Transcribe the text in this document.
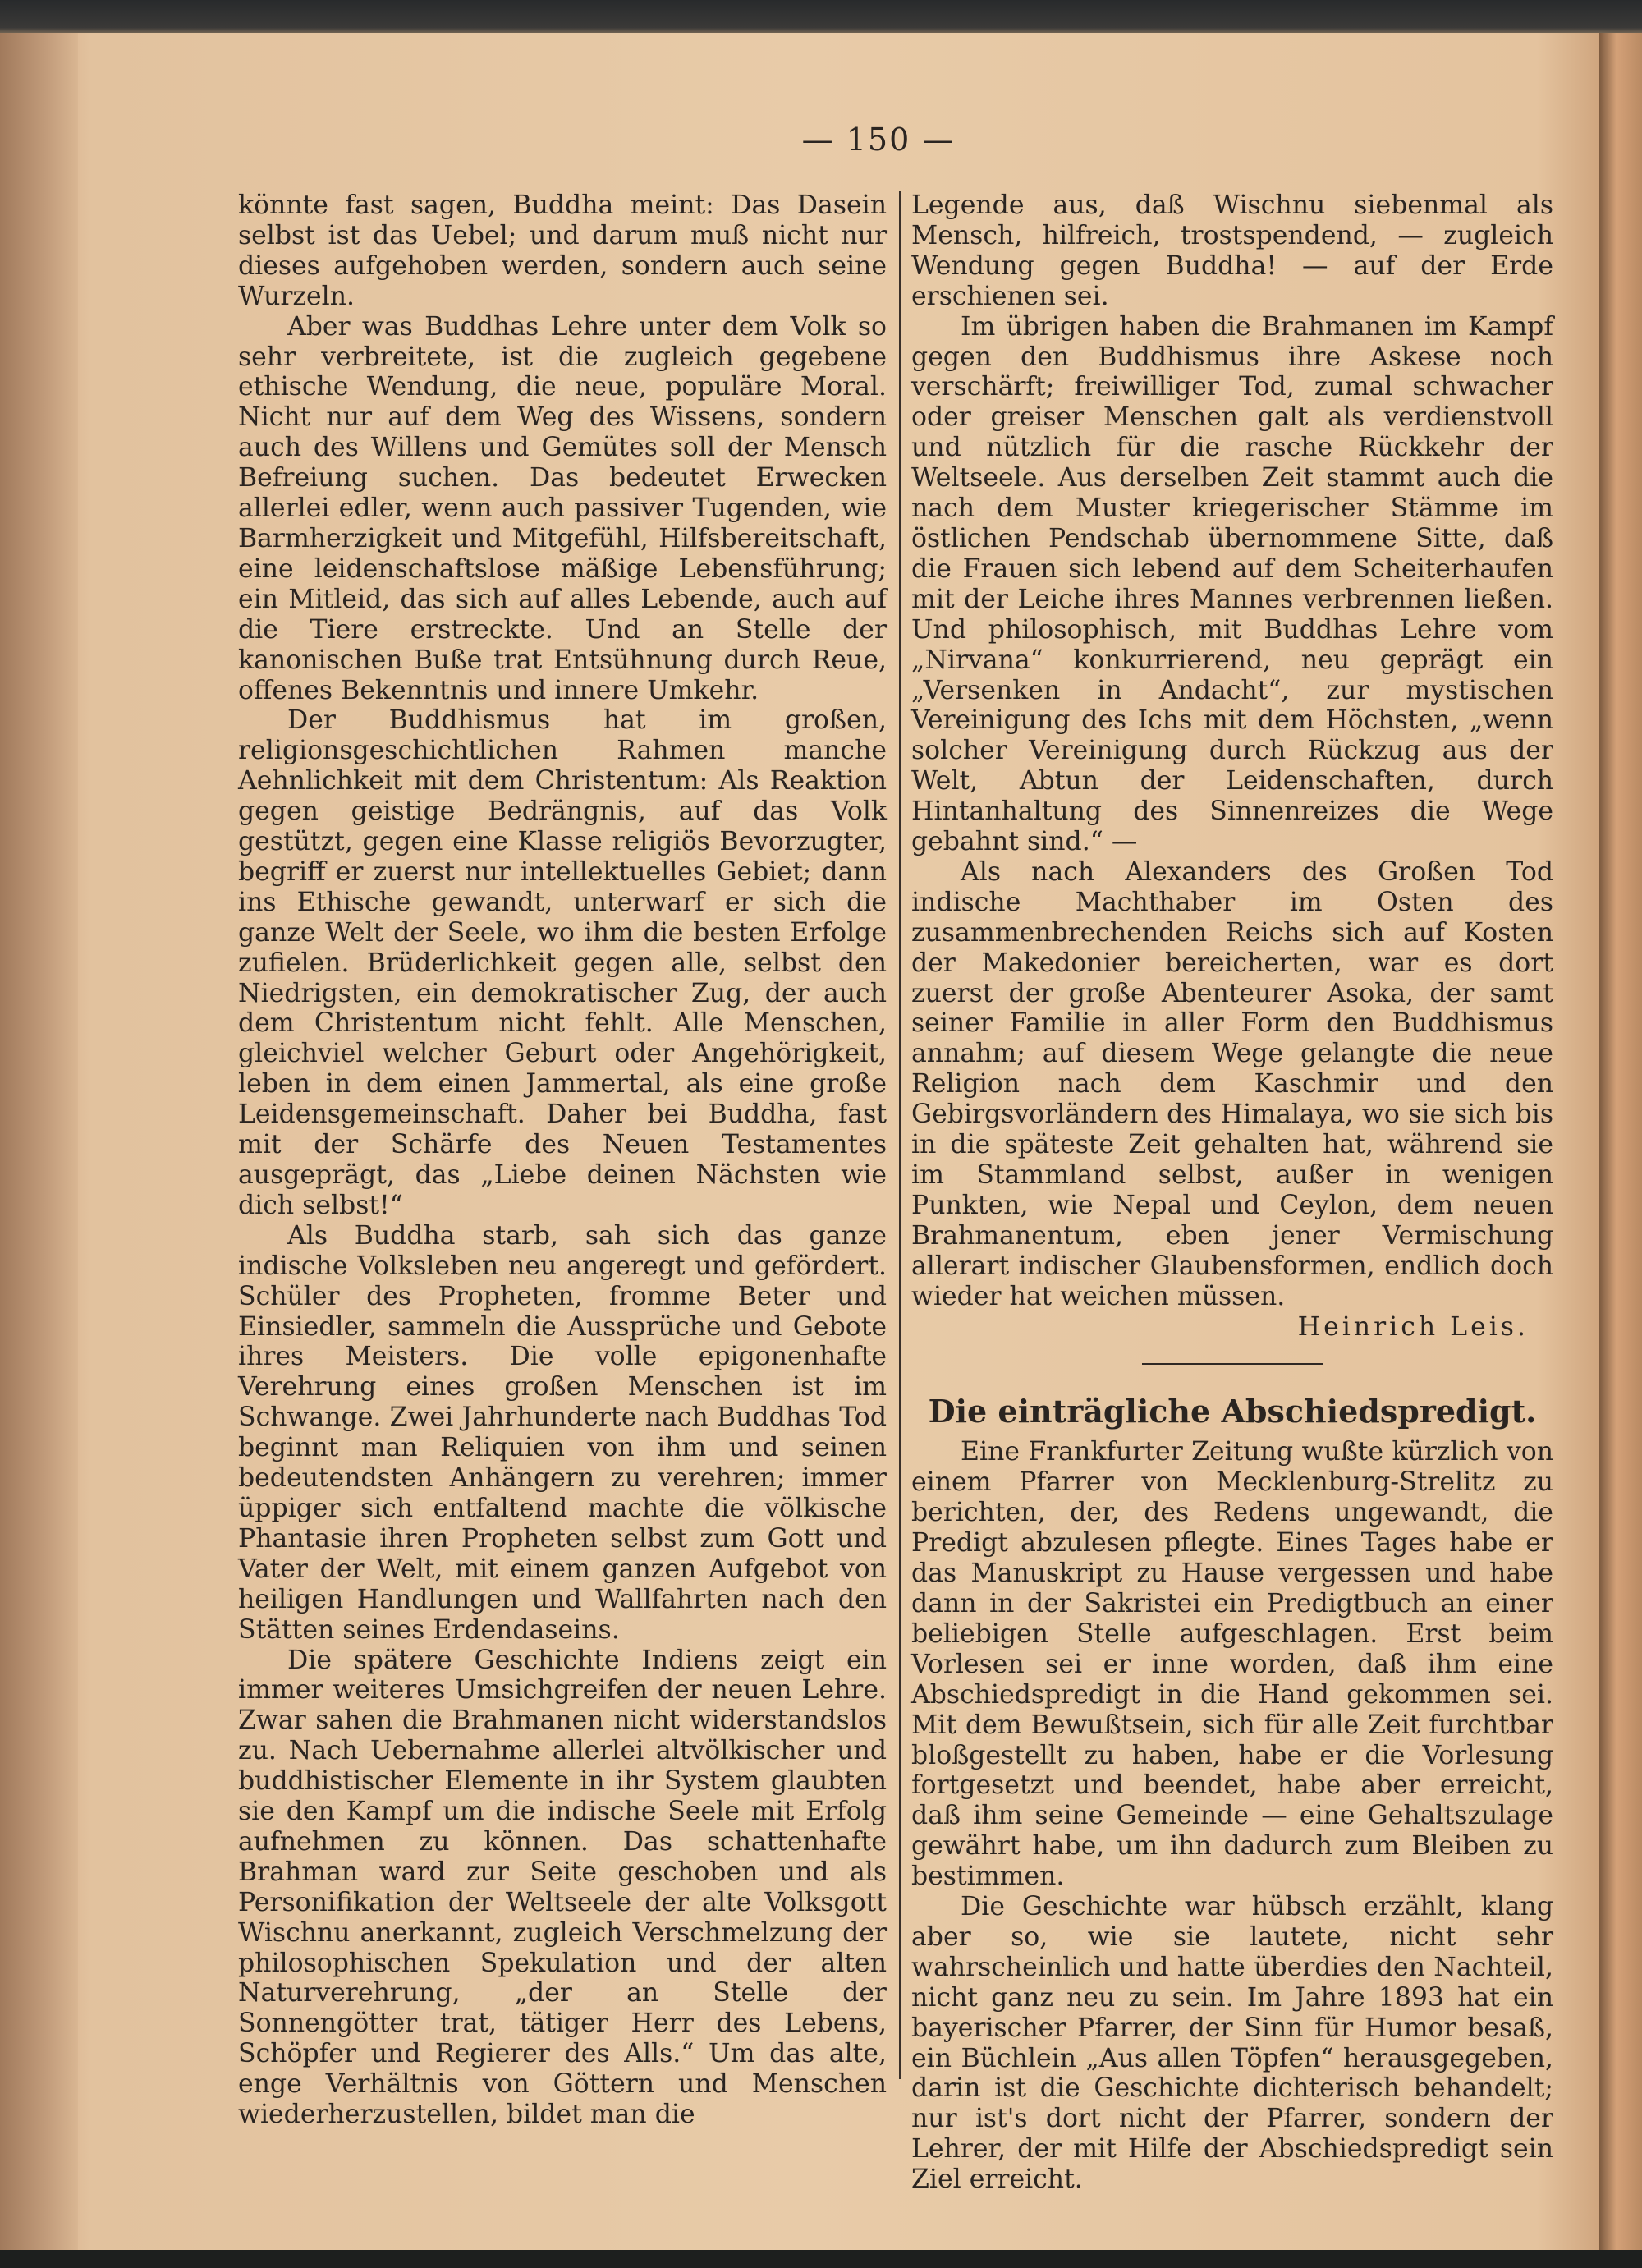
— 150 —

könnte fast sagen, Buddha meint: Das Dasein selbst ist das Uebel; und darum muß nicht nur dieses aufgehoben werden, sondern auch seine Wurzeln.

Aber was Buddhas Lehre unter dem Volk so sehr verbreitete, ist die zugleich gegebene ethische Wendung, die neue, populäre Moral. Nicht nur auf dem Weg des Wissens, sondern auch des Willens und Gemütes soll der Mensch Befreiung suchen. Das bedeutet Erwecken allerlei edler, wenn auch passiver Tugenden, wie Barmherzigkeit und Mitgefühl, Hilfsbereitschaft, eine leidenschaftslose mäßige Lebensführung; ein Mitleid, das sich auf alles Lebende, auch auf die Tiere erstreckte. Und an Stelle der kanonischen Buße trat Entsühnung durch Reue, offenes Bekenntnis und innere Umkehr.

Der Buddhismus hat im großen, religionsgeschichtlichen Rahmen manche Aehnlichkeit mit dem Christentum: Als Reaktion gegen geistige Bedrängnis, auf das Volk gestützt, gegen eine Klasse religiös Bevorzugter, begriff er zuerst nur intellektuelles Gebiet; dann ins Ethische gewandt, unterwarf er sich die ganze Welt der Seele, wo ihm die besten Erfolge zufielen. Brüderlichkeit gegen alle, selbst den Niedrigsten, ein demokratischer Zug, der auch dem Christentum nicht fehlt. Alle Menschen, gleichviel welcher Geburt oder Angehörigkeit, leben in dem einen Jammertal, als eine große Leidensgemeinschaft. Daher bei Buddha, fast mit der Schärfe des Neuen Testamentes ausgeprägt, das „Liebe deinen Nächsten wie dich selbst!“

Als Buddha starb, sah sich das ganze indische Volksleben neu angeregt und gefördert. Schüler des Propheten, fromme Beter und Einsiedler, sammeln die Aussprüche und Gebote ihres Meisters. Die volle epigonenhafte Verehrung eines großen Menschen ist im Schwange. Zwei Jahrhunderte nach Buddhas Tod beginnt man Reliquien von ihm und seinen bedeutendsten Anhängern zu verehren; immer üppiger sich entfaltend machte die völkische Phantasie ihren Propheten selbst zum Gott und Vater der Welt, mit einem ganzen Aufgebot von heiligen Handlungen und Wallfahrten nach den Stätten seines Erdendaseins.

Die spätere Geschichte Indiens zeigt ein immer weiteres Umsichgreifen der neuen Lehre. Zwar sahen die Brahmanen nicht widerstandslos zu. Nach Uebernahme allerlei altvölkischer und buddhistischer Elemente in ihr System glaubten sie den Kampf um die indische Seele mit Erfolg aufnehmen zu können. Das schattenhafte Brahman ward zur Seite geschoben und als Personifikation der Weltseele der alte Volksgott Wischnu anerkannt, zugleich Verschmelzung der philosophischen Spekulation und der alten Naturverehrung, „der an Stelle der Sonnengötter trat, tätiger Herr des Lebens, Schöpfer und Regierer des Alls.“ Um das alte, enge Verhältnis von Göttern und Menschen wiederherzustellen, bildet man die

Legende aus, daß Wischnu siebenmal als Mensch, hilfreich, trostspendend, — zugleich Wendung gegen Buddha! — auf der Erde erschienen sei.

Im übrigen haben die Brahmanen im Kampf gegen den Buddhismus ihre Askese noch verschärft; freiwilliger Tod, zumal schwacher oder greiser Menschen galt als verdienstvoll und nützlich für die rasche Rückkehr der Weltseele. Aus derselben Zeit stammt auch die nach dem Muster kriegerischer Stämme im östlichen Pendschab übernommene Sitte, daß die Frauen sich lebend auf dem Scheiterhaufen mit der Leiche ihres Mannes verbrennen ließen. Und philosophisch, mit Buddhas Lehre vom „Nirvana“ konkurrierend, neu geprägt ein „Versenken in Andacht“, zur mystischen Vereinigung des Ichs mit dem Höchsten, „wenn solcher Vereinigung durch Rückzug aus der Welt, Abtun der Leidenschaften, durch Hintanhaltung des Sinnenreizes die Wege gebahnt sind.“ —

Als nach Alexanders des Großen Tod indische Machthaber im Osten des zusammenbrechenden Reichs sich auf Kosten der Makedonier bereicherten, war es dort zuerst der große Abenteurer Asoka, der samt seiner Familie in aller Form den Buddhismus annahm; auf diesem Wege gelangte die neue Religion nach dem Kaschmir und den Gebirgsvorländern des Himalaya, wo sie sich bis in die späteste Zeit gehalten hat, während sie im Stammland selbst, außer in wenigen Punkten, wie Nepal und Ceylon, dem neuen Brahmanentum, eben jener Vermischung allerart indischer Glaubensformen, endlich doch wieder hat weichen müssen.

Heinrich Leis.

Die einträgliche Abschiedspredigt.

Eine Frankfurter Zeitung wußte kürzlich von einem Pfarrer von Mecklenburg-Strelitz zu berichten, der, des Redens ungewandt, die Predigt abzulesen pflegte. Eines Tages habe er das Manuskript zu Hause vergessen und habe dann in der Sakristei ein Predigtbuch an einer beliebigen Stelle aufgeschlagen. Erst beim Vorlesen sei er inne worden, daß ihm eine Abschiedspredigt in die Hand gekommen sei. Mit dem Bewußtsein, sich für alle Zeit furchtbar bloßgestellt zu haben, habe er die Vorlesung fortgesetzt und beendet, habe aber erreicht, daß ihm seine Gemeinde — eine Gehaltszulage gewährt habe, um ihn dadurch zum Bleiben zu bestimmen.

Die Geschichte war hübsch erzählt, klang aber so, wie sie lautete, nicht sehr wahrscheinlich und hatte überdies den Nachteil, nicht ganz neu zu sein. Im Jahre 1893 hat ein bayerischer Pfarrer, der Sinn für Humor besaß, ein Büchlein „Aus allen Töpfen“ herausgegeben, darin ist die Geschichte dichterisch behandelt; nur ist's dort nicht der Pfarrer, sondern der Lehrer, der mit Hilfe der Abschiedspredigt sein Ziel erreicht.
